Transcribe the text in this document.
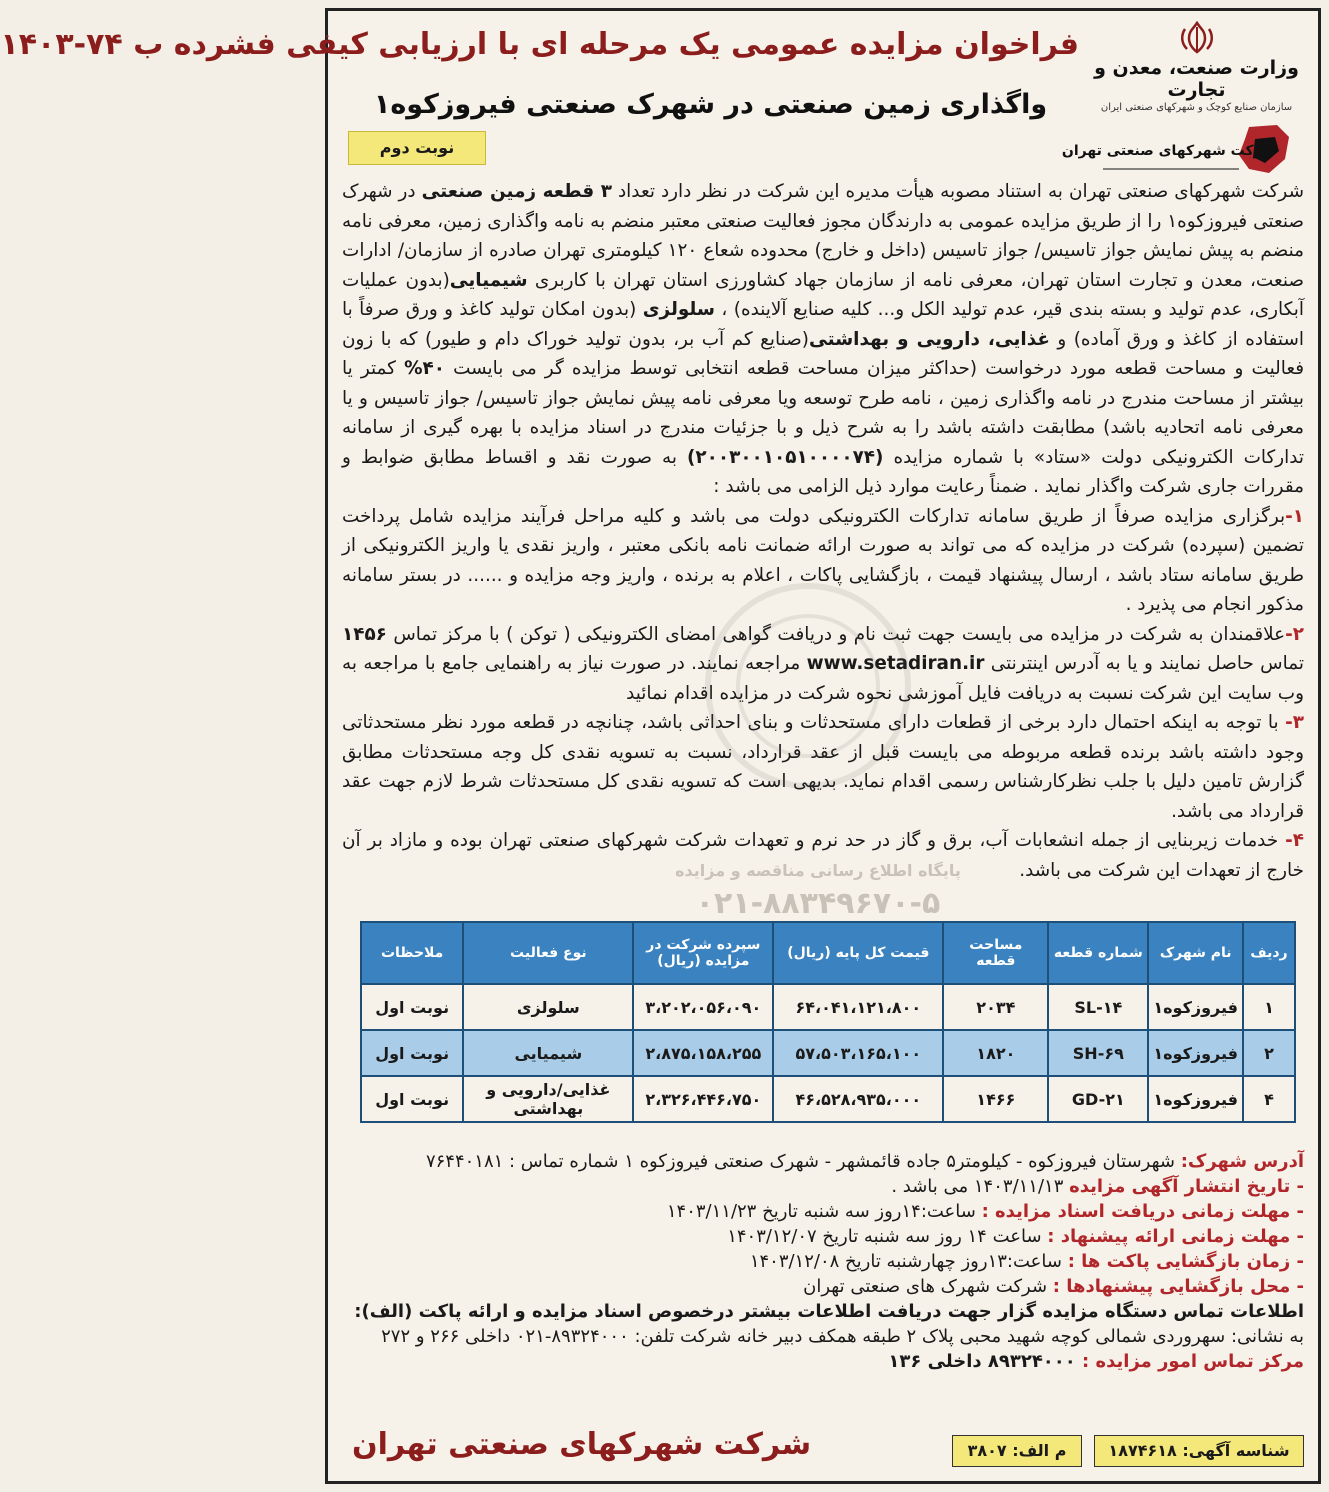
وزارت صنعت، معدن و تجارت
سازمان صنایع کوچک و شهرکهای صنعتی ایران
شرکت شهرکهای صنعتی تهران
فراخوان مزایده عمومی یک مرحله ای با ارزیابی کیفی فشرده ب ۷۴-۱۴۰۳
واگذاری زمین صنعتی در شهرک صنعتی فیروزکوه۱
نوبت دوم

شرکت شهرکهای صنعتی تهران به استناد مصوبه هیأت مدیره این شرکت در نظر دارد تعداد ۳ قطعه زمین صنعتی در شهرک صنعتی فیروزکوه۱ را از طریق مزایده عمومی به دارندگان مجوز فعالیت صنعتی معتبر منضم به نامه واگذاری زمین، معرفی نامه منضم به پیش نمایش جواز تاسیس/ جواز تاسیس (داخل و خارج) محدوده شعاع ۱۲۰ کیلومتری تهران صادره از سازمان/ ادارات صنعت، معدن و تجارت استان تهران، معرفی نامه از سازمان جهاد کشاورزی استان تهران با کاربری شیمیایی(بدون عملیات آبکاری، عدم تولید و بسته بندی قیر، عدم تولید الکل و... کلیه صنایع آلاینده) ، سلولزی (بدون امکان تولید کاغذ و ورق صرفاً با استفاده از کاغذ و ورق آماده) و غذایی، دارویی و بهداشتی(صنایع کم آب بر، بدون تولید خوراک دام و طیور) که با زون فعالیت و مساحت قطعه مورد درخواست (حداکثر میزان مساحت قطعه انتخابی توسط مزایده گر می بایست ۴۰% کمتر یا بیشتر از مساحت مندرج در نامه واگذاری زمین ، نامه طرح توسعه ویا معرفی نامه پیش نمایش جواز تاسیس/ جواز تاسیس و یا معرفی نامه اتحادیه باشد) مطابقت داشته باشد را به شرح ذیل و با جزئیات مندرج در اسناد مزایده با بهره گیری از سامانه تدارکات الکترونیکی دولت «ستاد» با شماره مزایده (۲۰۰۳۰۰۱۰۵۱۰۰۰۰۷۴) به صورت نقد و اقساط مطابق ضوابط و مقررات جاری شرکت واگذار نماید . ضمناً رعایت موارد ذیل الزامی می باشد :

۱-برگزاری مزایده صرفاً از طریق سامانه تدارکات الکترونیکی دولت می باشد و کلیه مراحل فرآیند مزایده شامل پرداخت تضمین (سپرده) شرکت در مزایده که می تواند به صورت ارائه ضمانت نامه بانکی معتبر ، واریز نقدی یا واریز الکترونیکی از طریق سامانه ستاد باشد ، ارسال پیشنهاد قیمت ، بازگشایی پاکات ، اعلام به برنده ، واریز وجه مزایده و ...... در بستر سامانه مذکور انجام می پذیرد .

۲-علاقمندان به شرکت در مزایده می بایست جهت ثبت نام و دریافت گواهی امضای الکترونیکی ( توکن ) با مرکز تماس ۱۴۵۶ تماس حاصل نمایند و یا به آدرس اینترنتی www.setadiran.ir مراجعه نمایند. در صورت نیاز به راهنمایی جامع با مراجعه به وب سایت این شرکت نسبت به دریافت فایل آموزشی نحوه شرکت در مزایده اقدام نمائید

۳- با توجه به اینکه احتمال دارد برخی از قطعات دارای مستحدثات و بنای احداثی باشد، چنانچه در قطعه مورد نظر مستحدثاتی وجود داشته باشد برنده قطعه مربوطه می بایست قبل از عقد قرارداد، نسبت به تسویه نقدی کل وجه مستحدثات مطابق گزارش تامین دلیل با جلب نظرکارشناس رسمی اقدام نماید. بدیهی است که تسویه نقدی کل مستحدثات شرط لازم جهت عقد قرارداد می باشد.

۴- خدمات زیربنایی از جمله انشعابات آب، برق و گاز در حد نرم و تعهدات شرکت شهرکهای صنعتی تهران بوده و مازاد بر آن خارج از تعهدات این شرکت می باشد.

پایگاه اطلاع رسانی مناقصه و مزایده
۰۲۱-۸۸۳۴۹۶۷۰-۵
ردیف	نام شهرک	شماره قطعه	مساحت قطعه	قیمت کل پایه (ریال)	سپرده شرکت در مزایده (ریال)	نوع فعالیت	ملاحظات
۱	فیروزکوه۱	SL-۱۴	۲۰۳۴	۶۴،۰۴۱،۱۲۱،۸۰۰	۳،۲۰۲،۰۵۶،۰۹۰	سلولزی	نوبت اول
۲	فیروزکوه۱	SH-۶۹	۱۸۲۰	۵۷،۵۰۳،۱۶۵،۱۰۰	۲،۸۷۵،۱۵۸،۲۵۵	شیمیایی	نوبت اول
۴	فیروزکوه۱	GD-۲۱	۱۴۶۶	۴۶،۵۲۸،۹۳۵،۰۰۰	۲،۳۲۶،۴۴۶،۷۵۰	غذایی/دارویی و بهداشتی	نوبت اول
آدرس شهرک: شهرستان فیروزکوه - کیلومتر۵ جاده قائمشهر - شهرک صنعتی فیروزکوه ۱ شماره تماس : ۷۶۴۴۰۱۸۱
- تاریخ انتشار آگهی مزایده ۱۴۰۳/۱۱/۱۳ می باشد .
- مهلت زمانی دریافت اسناد مزایده : ساعت:۱۴روز سه شنبه تاریخ ۱۴۰۳/۱۱/۲۳
- مهلت زمانی ارائه پیشنهاد : ساعت ۱۴ روز سه شنبه تاریخ ۱۴۰۳/۱۲/۰۷
- زمان بازگشایی پاکت ها : ساعت:۱۳روز چهارشنبه تاریخ ۱۴۰۳/۱۲/۰۸
- محل بازگشایی پیشنهادها : شرکت شهرک های صنعتی تهران
اطلاعات تماس دستگاه مزایده گزار جهت دریافت اطلاعات بیشتر درخصوص اسناد مزایده و ارائه پاکت (الف):
به نشانی: سهروردی شمالی کوچه شهید محبی پلاک ۲ طبقه همکف دبیر خانه شرکت تلفن: ۸۹۳۲۴۰۰۰-۰۲۱ داخلی ۲۶۶ و ۲۷۲
مرکز تماس امور مزایده : ۸۹۳۲۴۰۰۰ داخلی ۱۳۶
شناسه آگهی: ۱۸۷۴۶۱۸
م الف: ۳۸۰۷
شرکت شهرکهای صنعتی تهران
